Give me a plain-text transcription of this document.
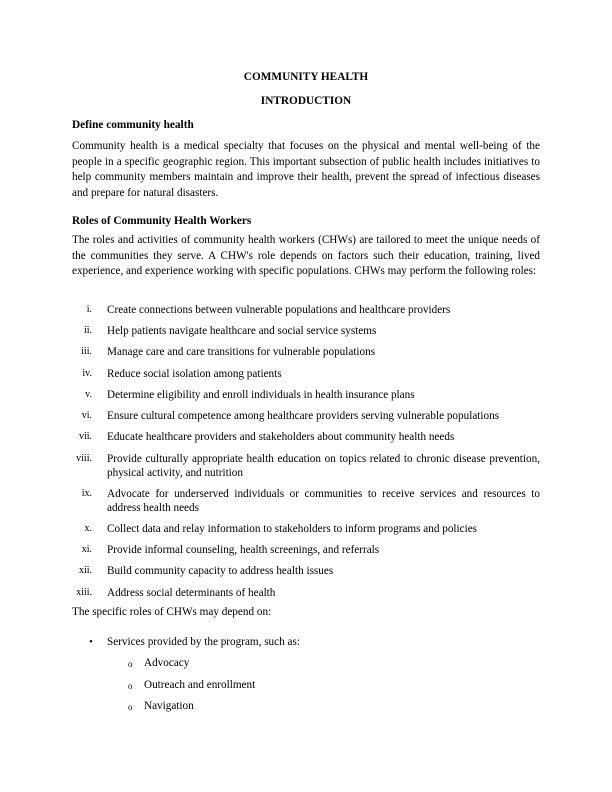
COMMUNITY HEALTH
INTRODUCTION
Define community health
Community health is a medical specialty that focuses on the physical and mental well-being of the people in a specific geographic region. This important subsection of public health includes initiatives to help community members maintain and improve their health, prevent the spread of infectious diseases and prepare for natural disasters.
Roles of Community Health Workers
The roles and activities of community health workers (CHWs) are tailored to meet the unique needs of the communities they serve. A CHW's role depends on factors such their education, training, lived experience, and experience working with specific populations. CHWs may perform the following roles:
i. Create connections between vulnerable populations and healthcare providers
ii. Help patients navigate healthcare and social service systems
iii. Manage care and care transitions for vulnerable populations
iv. Reduce social isolation among patients
v. Determine eligibility and enroll individuals in health insurance plans
vi. Ensure cultural competence among healthcare providers serving vulnerable populations
vii. Educate healthcare providers and stakeholders about community health needs
viii. Provide culturally appropriate health education on topics related to chronic disease prevention, physical activity, and nutrition
ix. Advocate for underserved individuals or communities to receive services and resources to address health needs
x. Collect data and relay information to stakeholders to inform programs and policies
xi. Provide informal counseling, health screenings, and referrals
xii. Build community capacity to address health issues
xiii. Address social determinants of health
The specific roles of CHWs may depend on:
• Services provided by the program, such as:
o Advocacy
o Outreach and enrollment
o Navigation
